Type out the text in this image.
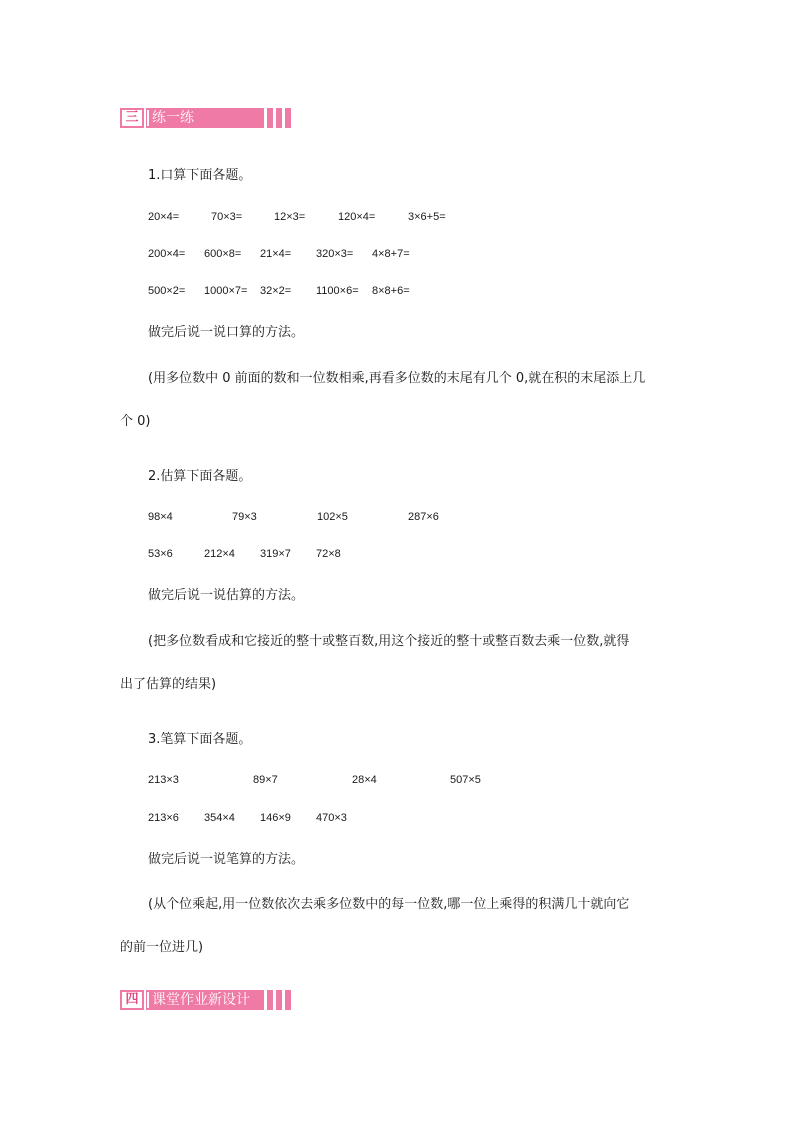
三 练一练
1.口算下面各题。
20×4=	70×3=	12×3=	120×4=	3×6+5=
200×4= 600×8= 21×4= 320×3= 4×8+7=
500×2= 1000×7= 32×2= 1100×6= 8×8+6=
做完后说一说口算的方法。
(用多位数中 0 前面的数和一位数相乘,再看多位数的末尾有几个 0,就在积的末尾添上几
个 0)
2.估算下面各题。
98×4	79×3	102×5	287×6
53×6	212×4 319×7 72×8
做完后说一说估算的方法。
(把多位数看成和它接近的整十或整百数,用这个接近的整十或整百数去乘一位数,就得
出了估算的结果)
3.笔算下面各题。
213×3	89×7	28×4	507×5
213×6 354×4 146×9 470×3
做完后说一说笔算的方法。
(从个位乘起,用一位数依次去乘多位数中的每一位数,哪一位上乘得的积满几十就向它
的前一位进几)
四 课堂作业新设计
